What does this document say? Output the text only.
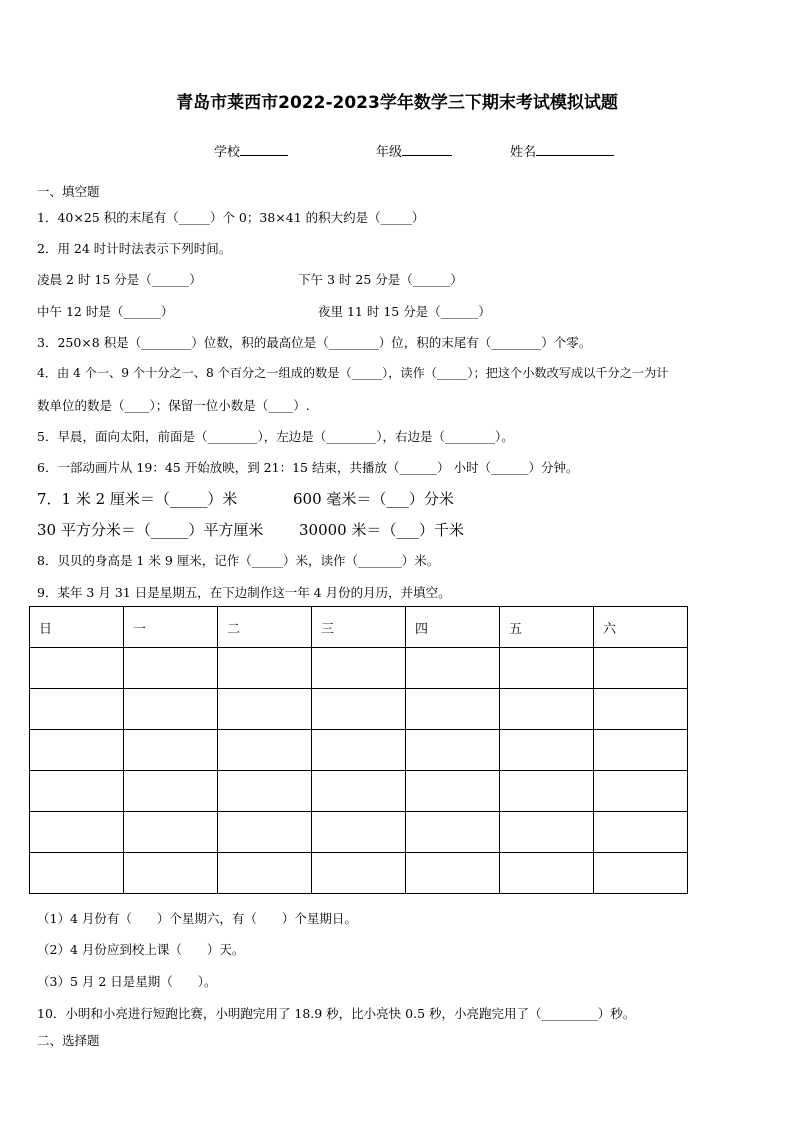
青岛市莱西市2022-2023学年数学三下期末考试模拟试题
学校	年级	姓名
一、填空题
1．40×25 积的末尾有（_____）个 0；38×41 的积大约是（_____）
2．用 24 时计时法表示下列时间。
凌晨 2 时 15 分是（______）	下午 3 时 25 分是（______）
中午 12 时是（______）	夜里 11 时 15 分是（______）
3．250×8 积是（________）位数，积的最高位是（________）位，积的末尾有（________）个零。
4．由 4 个一、9 个十分之一、8 个百分之一组成的数是（_____），读作（_____）；把这个小数改写成以千分之一为计
数单位的数是（____）；保留一位小数是（____）.
5．早晨，面向太阳，前面是（________），左边是（________），右边是（________）。
6．一部动画片从 19：45 开始放映，到 21：15 结束，共播放（______） 小时（______）分钟。
7．1 米 2 厘米＝（_____）米	600 毫米＝（___）分米
30 平方分米＝（_____）平方厘米 30000 米＝（___）千米
8．贝贝的身高是 1 米 9 厘米，记作（_____）米，读作（_______）米。
9．某年 3 月 31 日是星期五，在下边制作这一年 4 月份的月历，并填空。
日	一	二	三	四	五	六

（1）4 月份有（　　）个星期六，有（　　）个星期日。
（2）4 月份应到校上课（　　）天。
（3）5 月 2 日是星期（　　）。
10．小明和小亮进行短跑比赛，小明跑完用了 18.9 秒，比小亮快 0.5 秒，小亮跑完用了（_________）秒。
二、选择题
